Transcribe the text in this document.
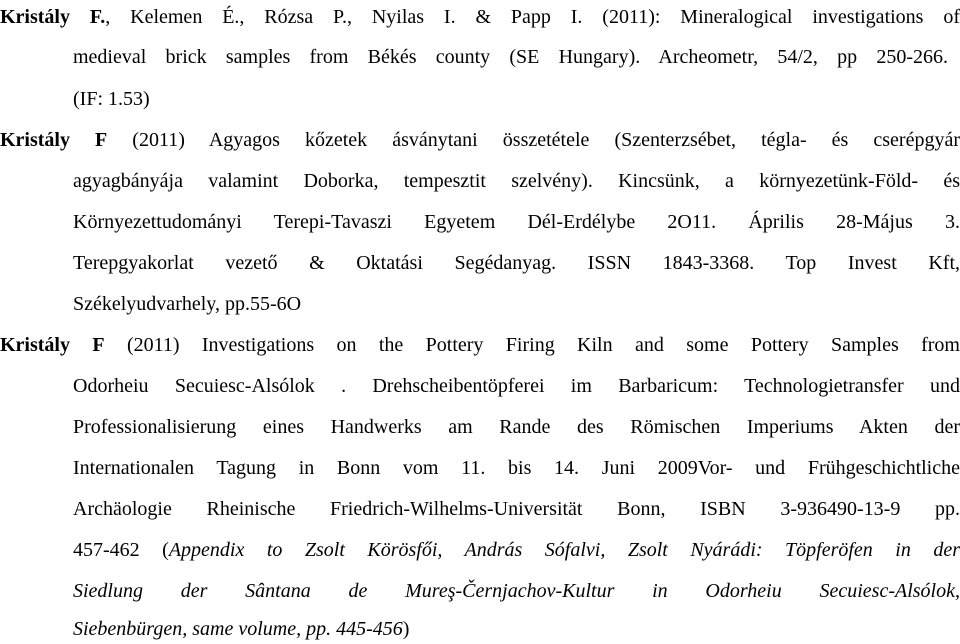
Kristály F., Kelemen É., Rózsa P., Nyilas I. & Papp I. (2011): Mineralogical investigations of
medieval brick samples from Békés county (SE Hungary). Archeometr, 54/2, pp 250-266.
(IF: 1.53)
Kristály F (2011) Agyagos kőzetek ásványtani összetétele (Szenterzsébet, tégla- és cserépgyár
agyagbányája valamint Doborka, tempesztit szelvény). Kincsünk, a környezetünk-Föld- és
Környezettudományi Terepi-Tavaszi Egyetem Dél-Erdélybe 2O11. Április 28-Május 3.
Terepgyakorlat vezető & Oktatási Segédanyag. ISSN 1843-3368. Top Invest Kft,
Székelyudvarhely, pp.55-6O
Kristály F (2011) Investigations on the Pottery Firing Kiln and some Pottery Samples from
Odorheiu Secuiesc-Alsólok . Drehscheibentöpferei im Barbaricum: Technologietransfer und
Professionalisierung eines Handwerks am Rande des Römischen Imperiums Akten der
Internationalen Tagung in Bonn vom 11. bis 14. Juni 2009Vor- und Frühgeschichtliche
Archäologie Rheinische Friedrich-Wilhelms-Universität Bonn, ISBN 3-936490-13-9 pp.
457-462 (Appendix to Zsolt Körösfői, András Sófalvi, Zsolt Nyárádi: Töpferöfen in der
Siedlung der Sântana de Mureş-Černjachov-Kultur in Odorheiu Secuiesc-Alsólok,
Siebenbürgen, same volume, pp. 445-456)
